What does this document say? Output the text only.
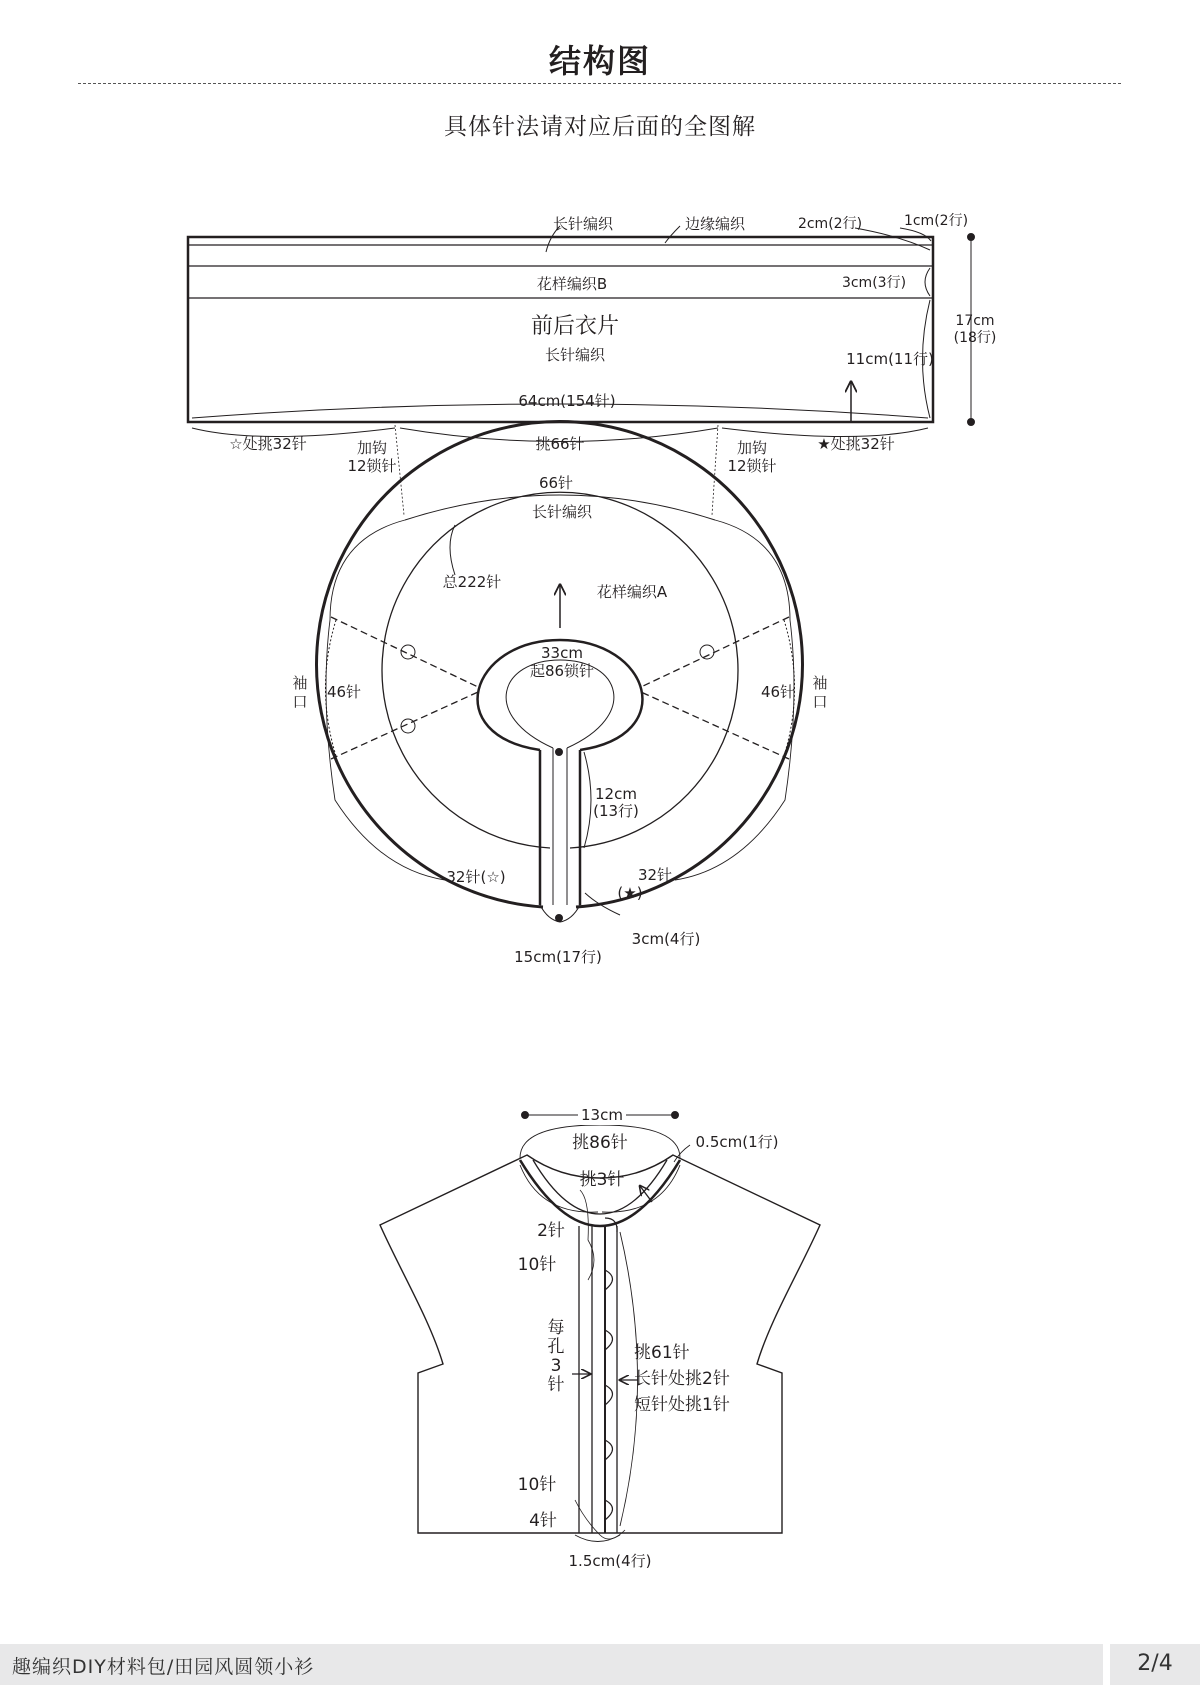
结构图
具体针法请对应后面的全图解
长针编织	边缘编织	2cm(2行)	1cm(2行)
花样编织B	3cm(3行)
前后衣片
长针编织	11cm(11行)
17cm
(18行)
64cm(154针)
☆处挑32针	加钩
12锁针
挑66针	加钩
12锁针
★处挑32针
66针
长针编织
总222针
花样编织A
33cm
起86锁针
袖
口
袖
口
46针	46针
12cm
(13行)
32针(☆)	32针
(★)
3cm(4行)
15cm(17行)
13cm
挑86针	0.5cm(1行)
挑3针
2针
10针
每
孔
3
针
挑61针
长针处挑2针
短针处挑1针
10针
4针
1.5cm(4行)
趣编织DIY材料包/田园风圆领小衫	2/4
